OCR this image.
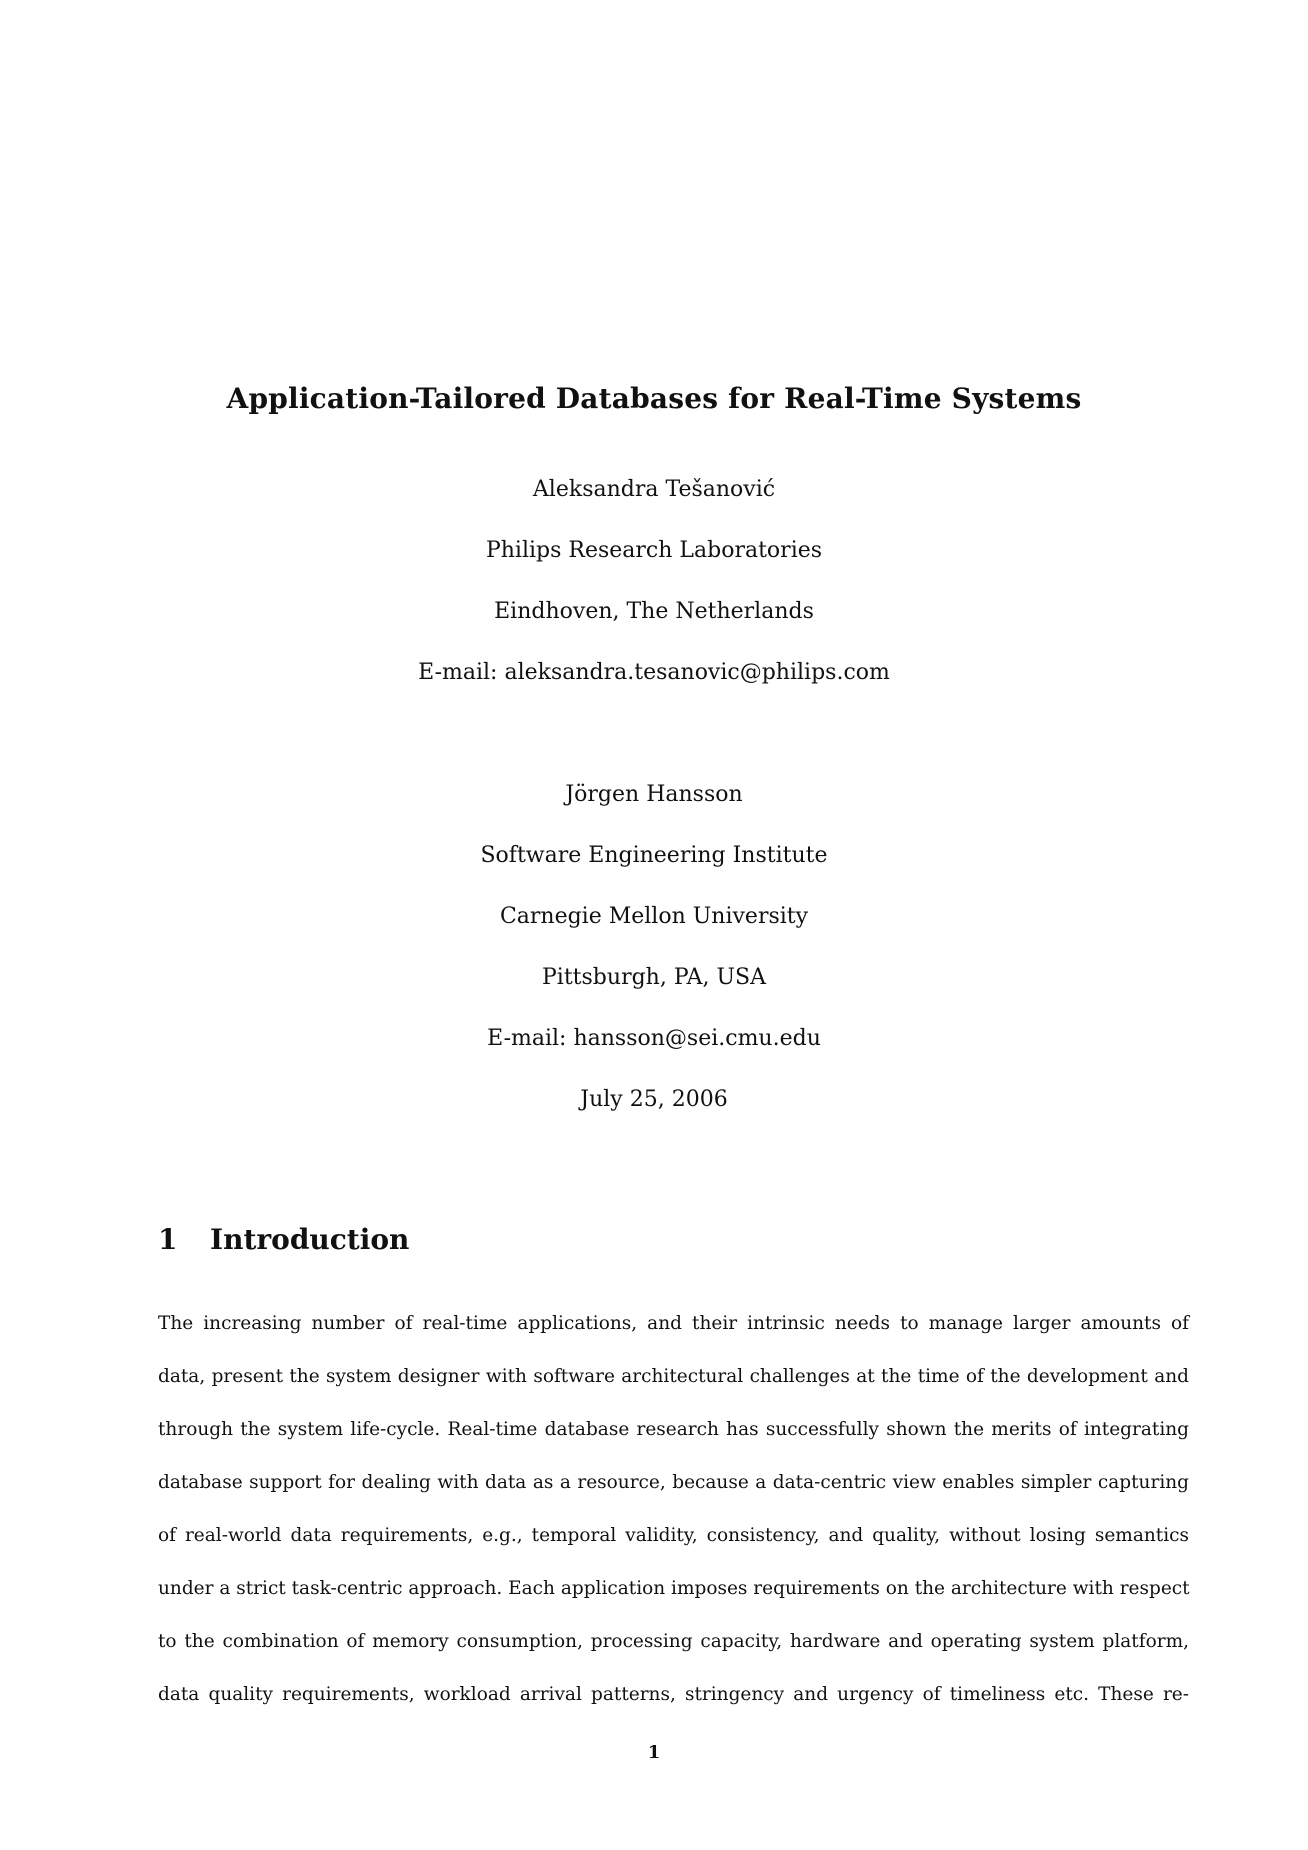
Application-Tailored Databases for Real-Time Systems
Aleksandra Tešanović
Philips Research Laboratories
Eindhoven, The Netherlands
E-mail: aleksandra.tesanovic@philips.com
Jörgen Hansson
Software Engineering Institute
Carnegie Mellon University
Pittsburgh, PA, USA
E-mail: hansson@sei.cmu.edu
July 25, 2006
1 Introduction
The increasing number of real-time applications, and their intrinsic needs to manage larger amounts of
data, present the system designer with software architectural challenges at the time of the development and
through the system life-cycle. Real-time database research has successfully shown the merits of integrating
database support for dealing with data as a resource, because a data-centric view enables simpler capturing
of real-world data requirements, e.g., temporal validity, consistency, and quality, without losing semantics
under a strict task-centric approach. Each application imposes requirements on the architecture with respect
to the combination of memory consumption, processing capacity, hardware and operating system platform,
data quality requirements, workload arrival patterns, stringency and urgency of timeliness etc. These re-
1
